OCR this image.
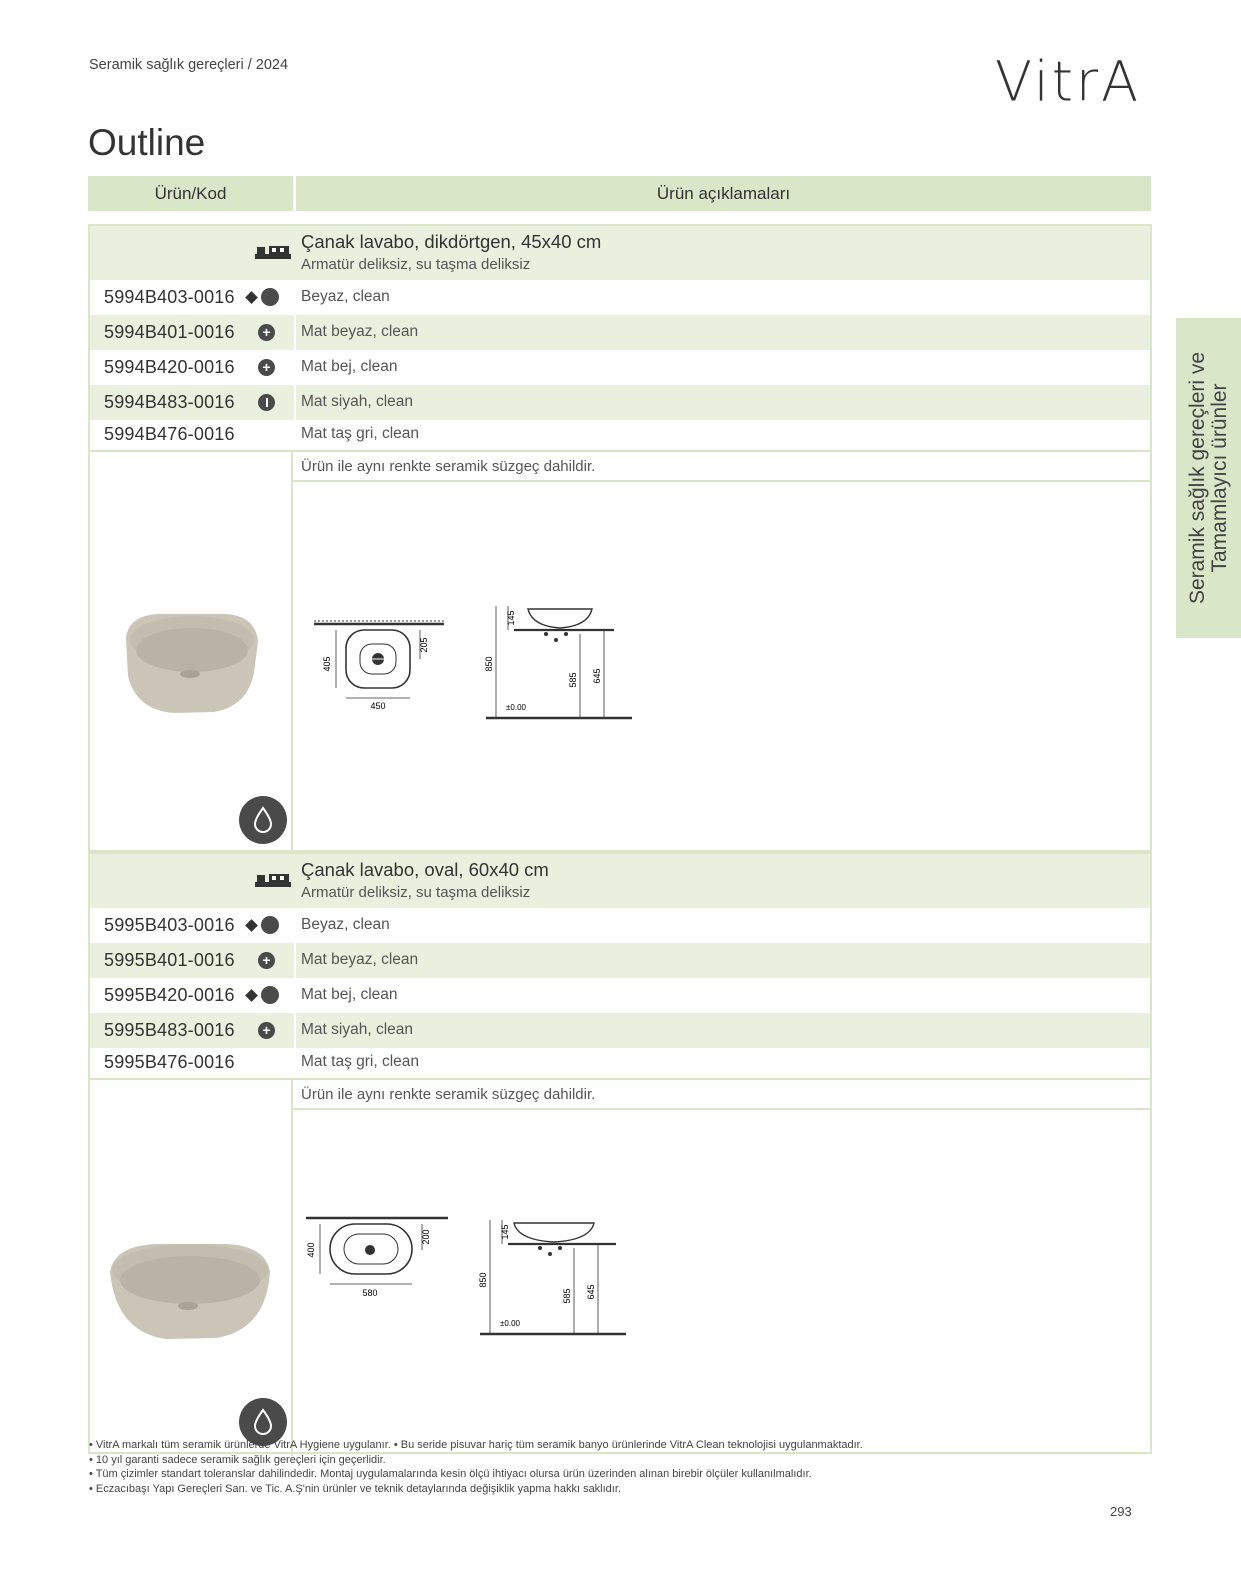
Seramik sağlık gereçleri / 2024	VitrA
Outline
Ürün/Kod	Ürün açıklamaları
Seramik sağlık gereçleri ve Tamamlayıcı ürünler
Çanak lavabo, dikdörtgen, 45x40 cm
Armatür deliksiz, su taşma deliksiz
5994B403-0016	Beyaz, clean
5994B401-0016	+ Mat beyaz, clean
5994B420-0016	+ Mat bej, clean
5994B483-0016	Mat siyah, clean
5994B476-0016	Mat taş gri, clean
Ürün ile aynı renkte seramik süzgeç dahildir.
405
205
450
145
850
585 645
±0.00
Çanak lavabo, oval, 60x40 cm
Armatür deliksiz, su taşma deliksiz
5995B403-0016	Beyaz, clean
5995B401-0016	+ Mat beyaz, clean
5995B420-0016	Mat bej, clean
5995B483-0016	+ Mat siyah, clean
5995B476-0016	Mat taş gri, clean
Ürün ile aynı renkte seramik süzgeç dahildir.
400
200
580
145
850
585 645
±0.00
• VitrA markalı tüm seramik ürünlerde VitrA Hygiene uygulanır. • Bu seride pisuvar hariç tüm seramik banyo ürünlerinde VitrA Clean teknolojisi uygulanmaktadır.
• 10 yıl garanti sadece seramik sağlık gereçleri için geçerlidir.
• Tüm çizimler standart toleranslar dahilindedir. Montaj uygulamalarında kesin ölçü ihtiyacı olursa ürün üzerinden alınan birebir ölçüler kullanılmalıdır.
• Eczacıbaşı Yapı Gereçleri San. ve Tic. A.Ş'nin ürünler ve teknik detaylarında değişiklik yapma hakkı saklıdır.
293
